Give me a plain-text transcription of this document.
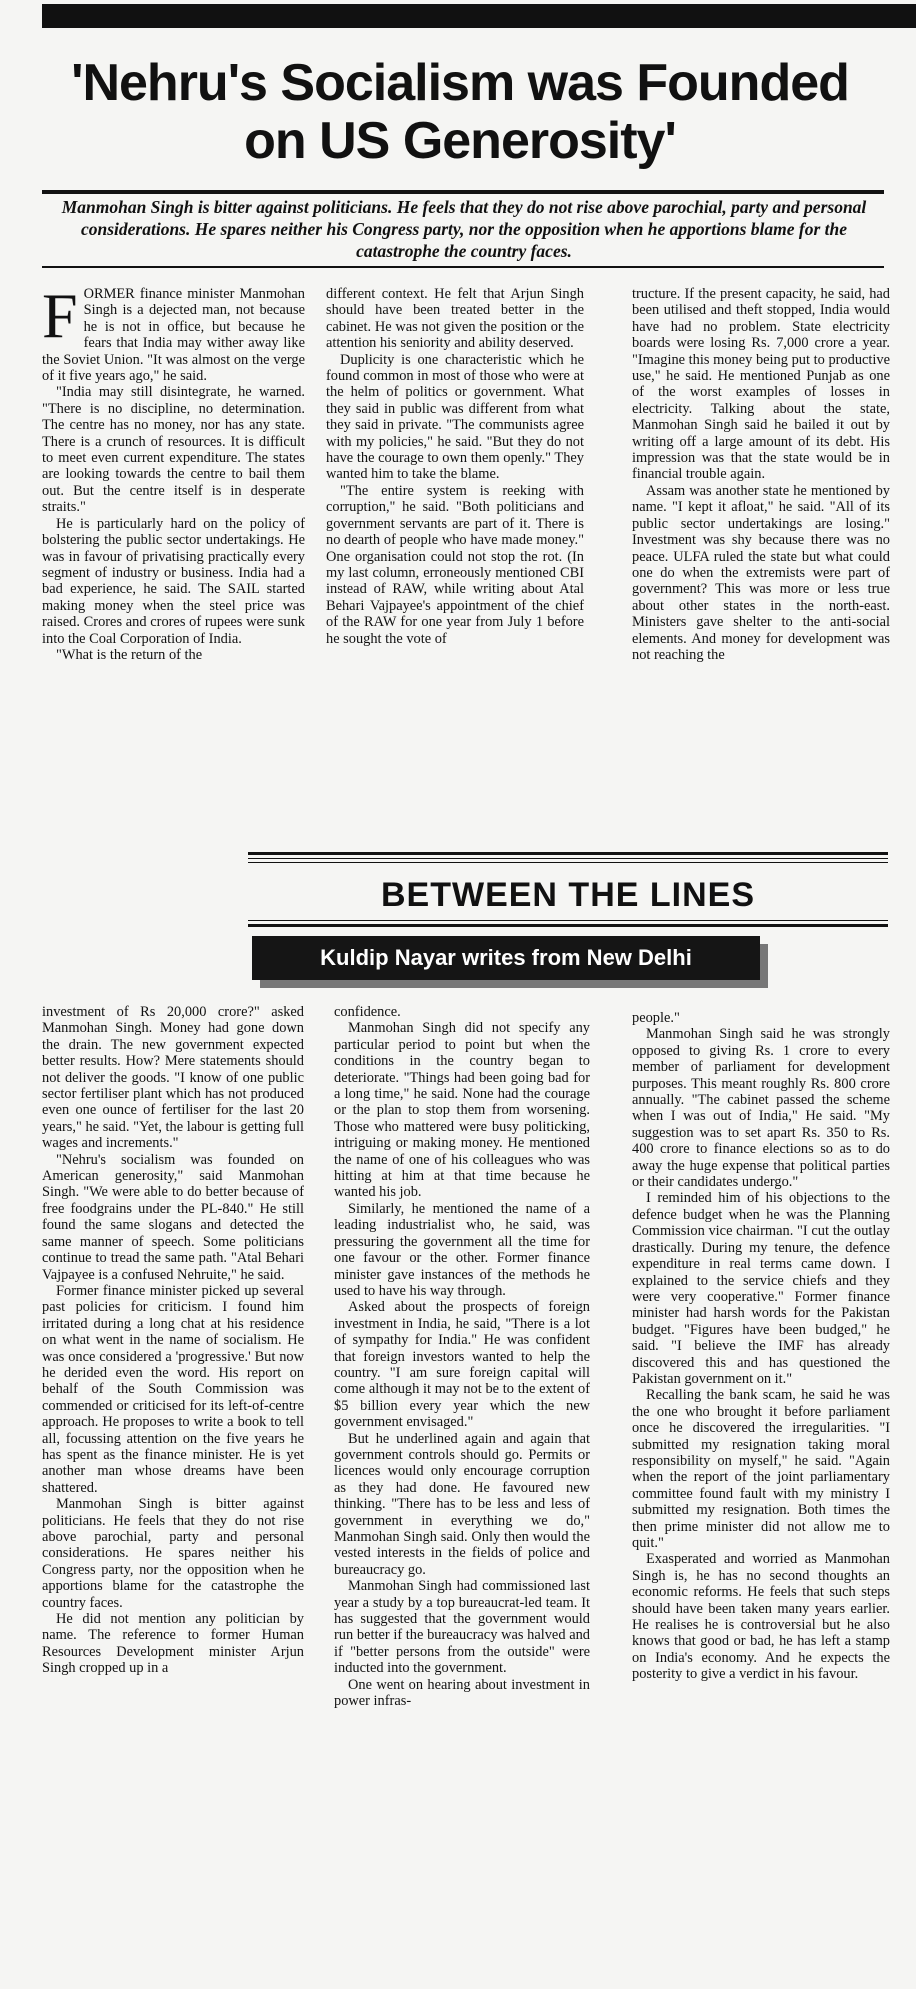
'Nehru's Socialism was Founded
on US Generosity'

Manmohan Singh is bitter against politicians. He feels that they do not rise above parochial, party and personal considerations. He spares neither his Congress party, nor the opposition when he apportions blame for the catastrophe the country faces.

FORMER finance minister Manmohan Singh is a dejected man, not because he is not in office, but because he fears that India may wither away like the Soviet Union. "It was almost on the verge of it five years ago," he said.

"India may still disintegrate, he warned. "There is no discipline, no determination. The centre has no money, nor has any state. There is a crunch of resources. It is difficult to meet even current expenditure. The states are looking towards the centre to bail them out. But the centre itself is in desperate straits."

He is particularly hard on the policy of bolstering the public sector undertakings. He was in favour of privatising practically every segment of industry or business. India had a bad experience, he said. The SAIL started making money when the steel price was raised. Crores and crores of rupees were sunk into the Coal Corporation of India.

"What is the return of the

different context. He felt that Arjun Singh should have been treated better in the cabinet. He was not given the position or the attention his seniority and ability deserved.

Duplicity is one characteristic which he found common in most of those who were at the helm of politics or government. What they said in public was different from what they said in private. "The communists agree with my policies," he said. "But they do not have the courage to own them openly." They wanted him to take the blame.

"The entire system is reeking with corruption," he said. "Both politicians and government servants are part of it. There is no dearth of people who have made money." One organisation could not stop the rot. (In my last column, erroneously mentioned CBI instead of RAW, while writing about Atal Behari Vajpayee's appointment of the chief of the RAW for one year from July 1 before he sought the vote of

tructure. If the present capacity, he said, had been utilised and theft stopped, India would have had no problem. State electricity boards were losing Rs. 7,000 crore a year. "Imagine this money being put to productive use," he said. He mentioned Punjab as one of the worst examples of losses in electricity. Talking about the state, Manmohan Singh said he bailed it out by writing off a large amount of its debt. His impression was that the state would be in financial trouble again.

Assam was another state he mentioned by name. "I kept it afloat," he said. "All of its public sector undertakings are losing." Investment was shy because there was no peace. ULFA ruled the state but what could one do when the extremists were part of government? This was more or less true about other states in the north-east. Ministers gave shelter to the anti-social elements. And money for development was not reaching the

BETWEEN THE LINES

Kuldip Nayar writes from New Delhi

investment of Rs 20,000 crore?" asked Manmohan Singh. Money had gone down the drain. The new government expected better results. How? Mere statements should not deliver the goods. "I know of one public sector fertiliser plant which has not produced even one ounce of fertiliser for the last 20 years," he said. "Yet, the labour is getting full wages and increments."

"Nehru's socialism was founded on American generosity," said Manmohan Singh. "We were able to do better because of free foodgrains under the PL-840." He still found the same slogans and detected the same manner of speech. Some politicians continue to tread the same path. "Atal Behari Vajpayee is a confused Nehruite," he said.

Former finance minister picked up several past policies for criticism. I found him irritated during a long chat at his residence on what went in the name of socialism. He was once considered a 'progressive.' But now he derided even the word. His report on behalf of the South Commission was commended or criticised for its left-of-centre approach. He proposes to write a book to tell all, focussing attention on the five years he has spent as the finance minister. He is yet another man whose dreams have been shattered.

Manmohan Singh is bitter against politicians. He feels that they do not rise above parochial, party and personal considerations. He spares neither his Congress party, nor the opposition when he apportions blame for the catastrophe the country faces.

He did not mention any politician by name. The reference to former Human Resources Development minister Arjun Singh cropped up in a

confidence.

Manmohan Singh did not specify any particular period to point but when the conditions in the country began to deteriorate. "Things had been going bad for a long time," he said. None had the courage or the plan to stop them from worsening. Those who mattered were busy politicking, intriguing or making money. He mentioned the name of one of his colleagues who was hitting at him at that time because he wanted his job.

Similarly, he mentioned the name of a leading industrialist who, he said, was pressuring the government all the time for one favour or the other. Former finance minister gave instances of the methods he used to have his way through.

Asked about the prospects of foreign investment in India, he said, "There is a lot of sympathy for India." He was confident that foreign investors wanted to help the country. "I am sure foreign capital will come although it may not be to the extent of $5 billion every year which the new government envisaged."

But he underlined again and again that government controls should go. Permits or licences would only encourage corruption as they had done. He favoured new thinking. "There has to be less and less of government in everything we do," Manmohan Singh said. Only then would the vested interests in the fields of police and bureaucracy go.

Manmohan Singh had commissioned last year a study by a top bureaucrat-led team. It has suggested that the government would run better if the bureaucracy was halved and if "better persons from the outside" were inducted into the government.

One went on hearing about investment in power infras-

people."

Manmohan Singh said he was strongly opposed to giving Rs. 1 crore to every member of parliament for development purposes. This meant roughly Rs. 800 crore annually. "The cabinet passed the scheme when I was out of India," He said. "My suggestion was to set apart Rs. 350 to Rs. 400 crore to finance elections so as to do away the huge expense that political parties or their candidates undergo."

I reminded him of his objections to the defence budget when he was the Planning Commission vice chairman. "I cut the outlay drastically. During my tenure, the defence expenditure in real terms came down. I explained to the service chiefs and they were very cooperative." Former finance minister had harsh words for the Pakistan budget. "Figures have been budged," he said. "I believe the IMF has already discovered this and has questioned the Pakistan government on it."

Recalling the bank scam, he said he was the one who brought it before parliament once he discovered the irregularities. "I submitted my resignation taking moral responsibility on myself," he said. "Again when the report of the joint parliamentary committee found fault with my ministry I submitted my resignation. Both times the then prime minister did not allow me to quit."

Exasperated and worried as Manmohan Singh is, he has no second thoughts an economic reforms. He feels that such steps should have been taken many years earlier. He realises he is controversial but he also knows that good or bad, he has left a stamp on India's economy. And he expects the posterity to give a verdict in his favour.
